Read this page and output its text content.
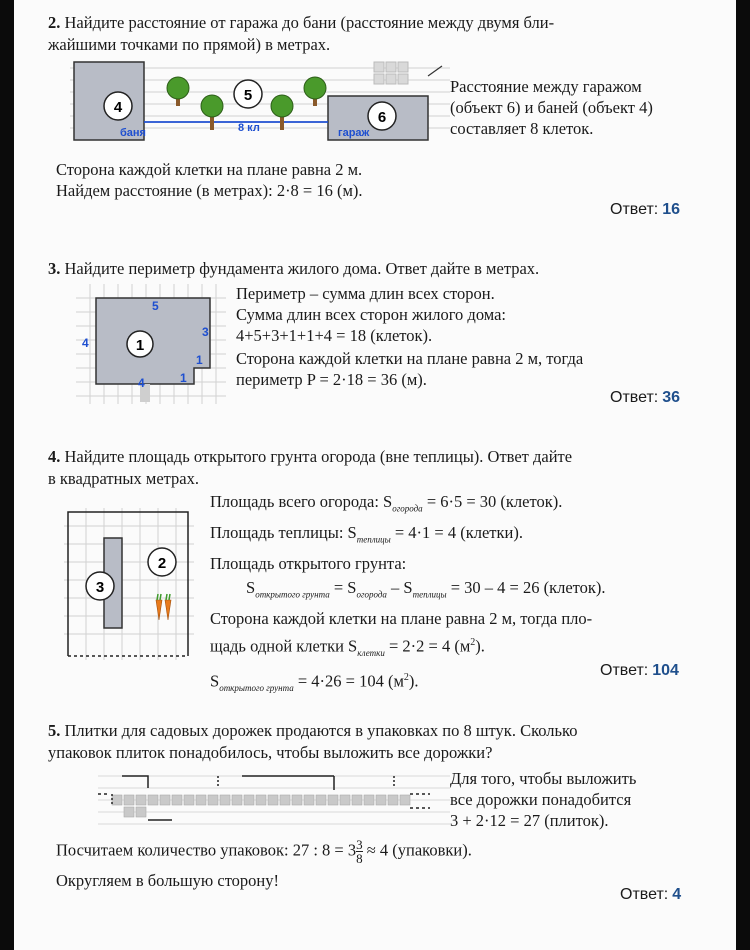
2. Найдите расстояние от гаража до бани (расстояние между двумя бли-
жайшими точками по прямой) в метрах.
4
5
6
баня	гараж
8 кл
Расстояние между гаражом
(объект 6) и баней (объект 4)
составляет 8 клеток.
Сторона каждой клетки на плане равна 2 м.
Найдем расстояние (в метрах): 2·8 = 16 (м).
Ответ: 16
3. Найдите периметр фундамента жилого дома. Ответ дайте в метрах.
1
5
4
3
1
1
4
Периметр – сумма длин всех сторон.
Сумма длин всех сторон жилого дома:
4+5+3+1+1+4 = 18 (клеток).
Сторона каждой клетки на плане равна 2 м, тогда
периметр P = 2·18 = 36 (м).
Ответ: 36
4. Найдите площадь открытого грунта огорода (вне теплицы). Ответ дайте
в квадратных метрах.
3
2
Площадь всего огорода: $S_{огорода} = 6\cdot 5 = 30$ (клеток).
Площадь теплицы: $S_{теплицы} = 4\cdot 1 = 4$ (клетки).
Площадь открытого грунта:
$S_{открытого грунта} = S_{огорода} - S_{теплицы} = 30 - 4 = 26$ (клеток).
Сторона каждой клетки на плане равна 2 м, тогда пло-
щадь одной клетки $S_{клетки} = 2\cdot 2 = 4$ $(м^2)$.
$S_{открытого грунта} = 4\cdot 26 = 104$ $(м^2)$.
Ответ: 104
5. Плитки для садовых дорожек продаются в упаковках по 8 штук. Сколько
упаковок плиток понадобилось, чтобы выложить все дорожки?
Для того, чтобы выложить
все дорожки понадобится
3 + 2·12 = 27 (плиток).
Посчитаем количество упаковок: 27 : $8 = 3 \frac{3}{8} \approx 4$ (упаковки).
Округляем в большую сторону!
Ответ: 4
